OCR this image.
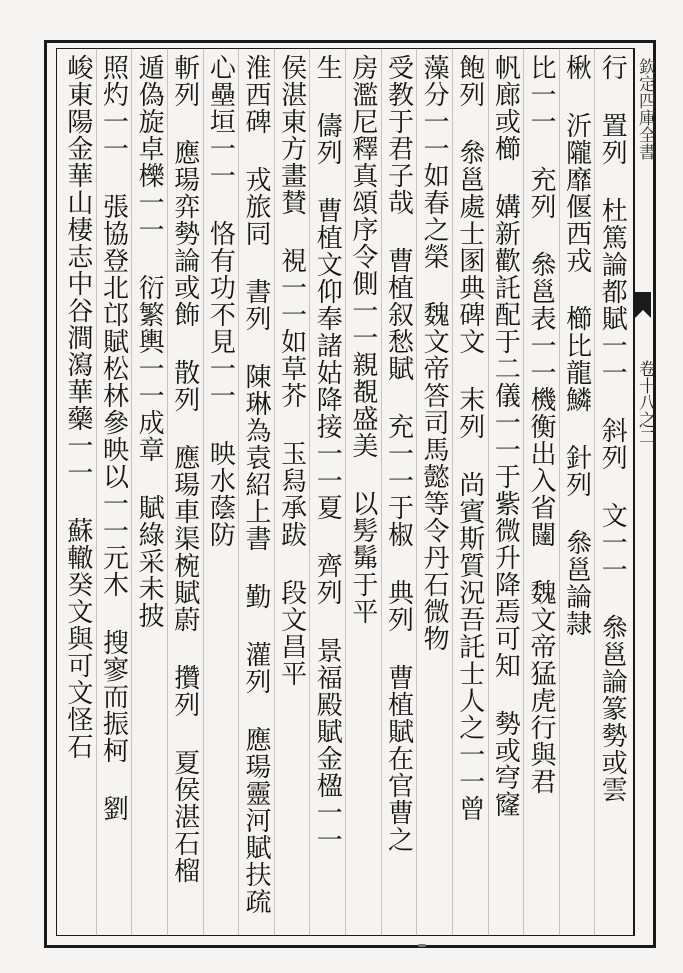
欽定四庫全書
卷十八之二
行 置列 杜篤論都賦一一 斜列 文一一 叅邕論篆勢或雲
楸 沂隴靡偃西戎 櫛比龍鱗 針列 叅邕論隷
比一一 充列 叅邕表一一機衡出入省闥 魏文帝猛虎行與君
帆廊或櫛 媾新歡託配于二儀一一于紫微升降焉可知 勢或穹窿
飽列 叅邕處士圂典碑文 末列 尚賓斯質況吾託士人之一一曾
藻分一一如春之榮 魏文帝答司馬懿等令丹石微物
受教于君子哉 曹植叙愁賦 充一一于椒 典列 曹植賦在官曹之
房濫尼釋真頌序令側一一親覩盛美 以髣髴于平
生 儔列 曹植文仰奉諸姑降接一一夏 齊列 景福殿賦金楹一一
侯湛東方畫賛 視一一如草芥 玉舄承跋 段文昌平
淮西碑 戎旅同 書列 陳琳為袁紹上書 勤 灌列 應瑒靈河賦扶疏
心壘垣一一 恪有功不見一一 映水蔭防
斬列 應瑒弈勢論或飾 散列 應瑒車渠椀賦蔚 攢列 夏侯湛石榴
遁偽旋卓櫟一一 衍繁輿一一成章 賦綠采未披
照灼一一 張協登北邙賦松林參映以一一元木 搜寥而振柯 劉
峻東陽金華山棲志中谷澗瀉華藥一一 蘇轍癸文與可文怪石
